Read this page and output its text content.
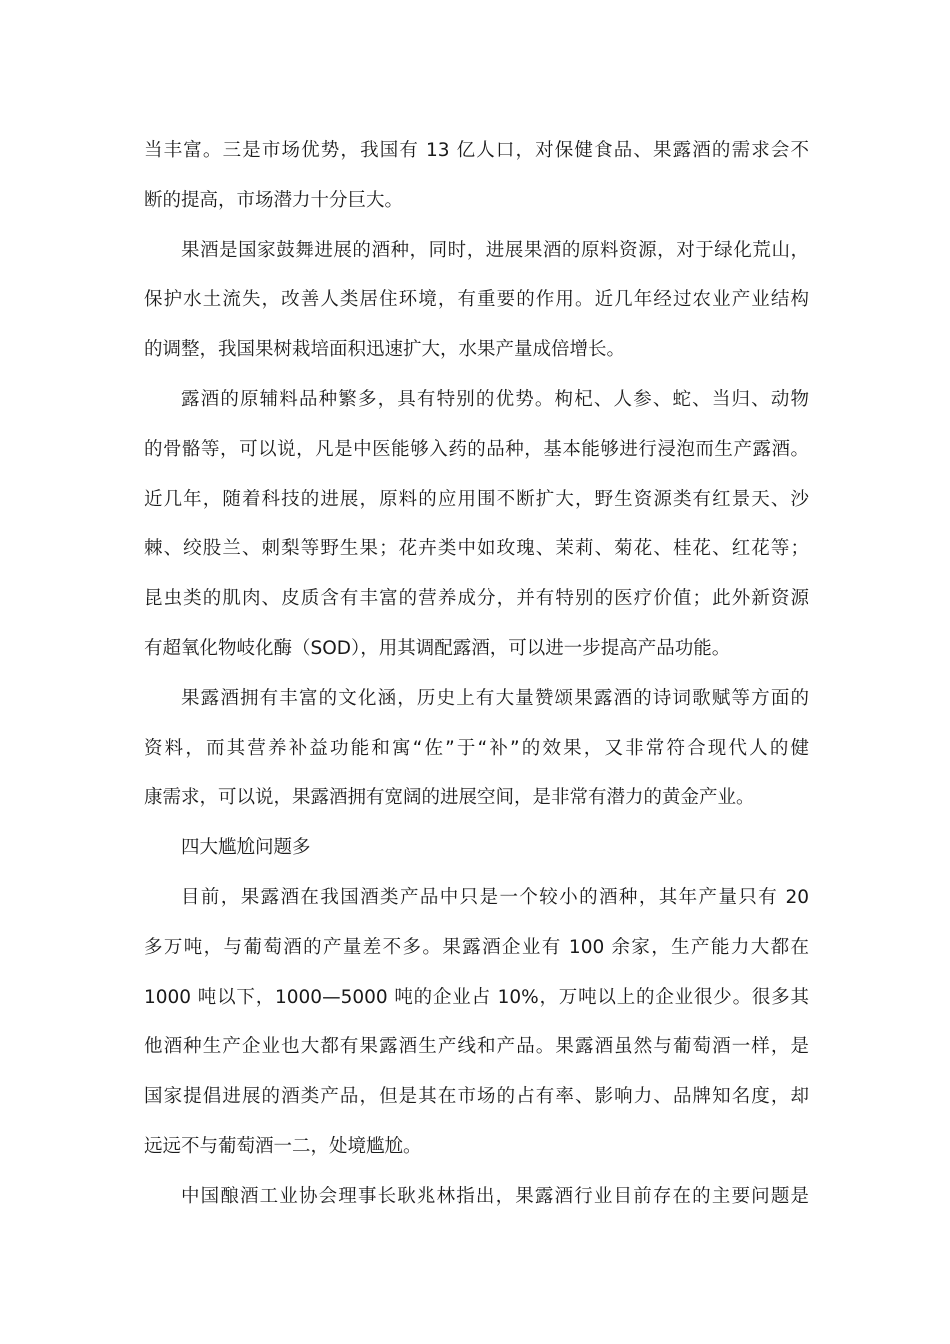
当丰富。三是市场优势，我国有 13 亿人口，对保健食品、果露酒的需求会不
断的提高，市场潜力十分巨大。
果酒是国家鼓舞进展的酒种，同时，进展果酒的原料资源，对于绿化荒山，
保护水土流失，改善人类居住环境，有重要的作用。近几年经过农业产业结构
的调整，我国果树栽培面积迅速扩大，水果产量成倍增长。
露酒的原辅料品种繁多，具有特别的优势。枸杞、人参、蛇、当归、动物
的骨骼等，可以说，凡是中医能够入药的品种，基本能够进行浸泡而生产露酒。
近几年，随着科技的进展，原料的应用围不断扩大，野生资源类有红景天、沙
棘、绞股兰、刺梨等野生果；花卉类中如玫瑰、茉莉、菊花、桂花、红花等；
昆虫类的肌肉、皮质含有丰富的营养成分，并有特别的医疗价值；此外新资源
有超氧化物岐化酶（SOD），用其调配露酒，可以进一步提高产品功能。
果露酒拥有丰富的文化涵，历史上有大量赞颂果露酒的诗词歌赋等方面的
资料，而其营养补益功能和寓“佐”于“补”的效果，又非常符合现代人的健
康需求，可以说，果露酒拥有宽阔的进展空间，是非常有潜力的黄金产业。
四大尴尬问题多
目前，果露酒在我国酒类产品中只是一个较小的酒种，其年产量只有 20
多万吨，与葡萄酒的产量差不多。果露酒企业有 100 余家，生产能力大都在
1000 吨以下，1000—5000 吨的企业占 10%，万吨以上的企业很少。很多其
他酒种生产企业也大都有果露酒生产线和产品。果露酒虽然与葡萄酒一样，是
国家提倡进展的酒类产品，但是其在市场的占有率、影响力、品牌知名度，却
远远不与葡萄酒一二，处境尴尬。
中国酿酒工业协会理事长耿兆林指出，果露酒行业目前存在的主要问题是
